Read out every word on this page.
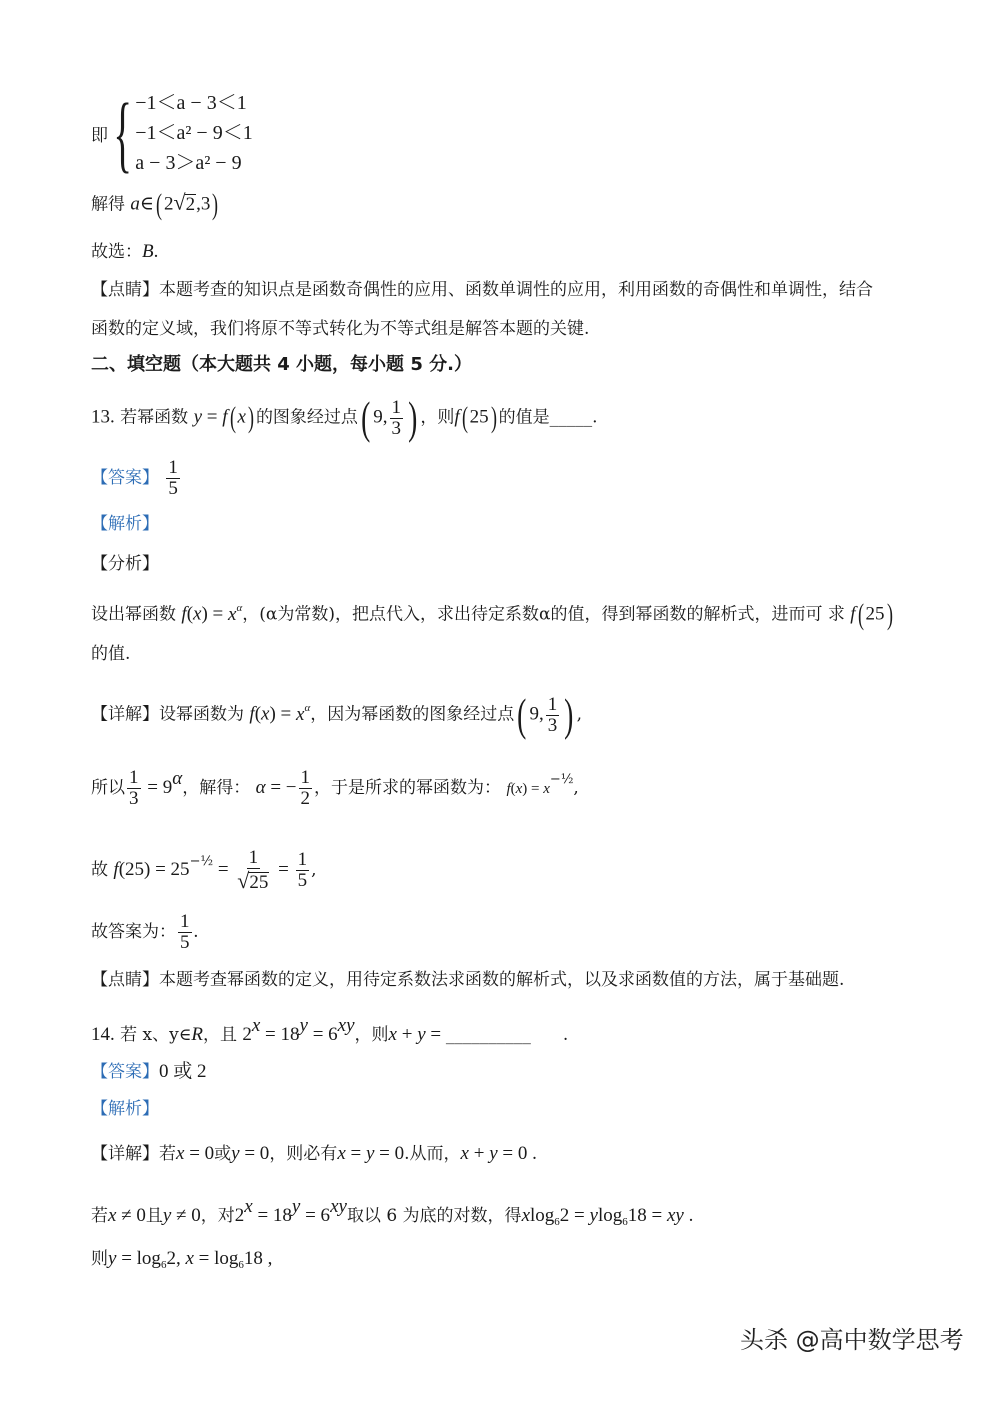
即 { −1＜a − 3＜1
−1＜a² − 9＜1
a − 3＞a² − 9
解得 a∈( 2√2,3)
故选：B.
【点睛】本题考查的知识点是函数奇偶性的应用、函数单调性的应用，利用函数的奇偶性和单调性，结合
函数的定义域，我们将原不等式转化为不等式组是解答本题的关键.
二、填空题（本大题共 4 小题，每小题 5 分.）
13. 若幂函数 y = f( x) 的图象经过点( 9, $\frac{1}{3}$ ) ，则f( 25) 的值是_____.
【答案】 $\frac{1}{5}$
【解析】
【分析】
设出幂函数 $f(x) = x^\alpha$，(α为常数)，把点代入，求出待定系数α的值，得到幂函数的解析式，进而可 求 f( 25)
的值.
【详解】设幂函数为 $f(x) = x^\alpha$，因为幂函数的图象经过点( 9, $\frac{1}{3}$ ) ,
所以 $\frac{1}{3} = 9^\alpha$，解得： α = − $\frac{1}{2}$ ，于是所求的幂函数为： $f(x) = x^{-\frac{1}{2}}$,
故 $f(25) = 25^{-\frac{1}{2}} = \frac{1}{√25} = \frac{1}{5}$ ,
故答案为： $\frac{1}{5}$ .
【点睛】本题考查幂函数的定义，用待定系数法求函数的解析式，以及求函数值的方法，属于基础题.
14. 若 x、y∈R，且 $2^x = 18^y = 6^{xy}$，则x + y = __________ .
【答案】0 或 2
【解析】
【详解】若x = 0或y = 0，则必有x = y = 0.从而，x + y = 0 .
若x ≠ 0且y ≠ 0，对$2^x = 18^y = 6^{xy}$取以 6 为底的对数，得xlog$_6$2 = ylog$_6$18 = xy .
则$y = \log_62$, $x = \log_618$ ,
头杀 @高中数学思考
